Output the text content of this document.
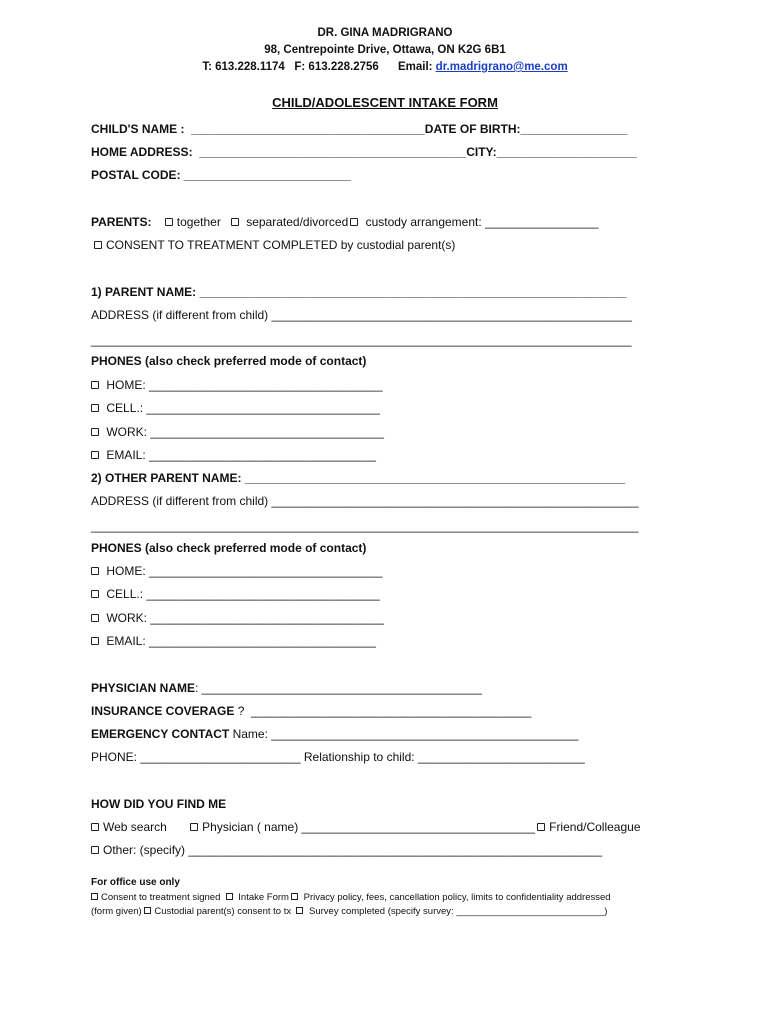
DR. GINA MADRIGRANO
98, Centrepointe Drive, Ottawa, ON K2G 6B1
T: 613.228.1174   F: 613.228.2756      Email: dr.madrigrano@me.com
CHILD/ADOLESCENT INTAKE FORM
CHILD'S NAME :  ___________________________________DATE OF BIRTH:________________
HOME ADDRESS:  ________________________________________CITY:_____________________
POSTAL CODE: _________________________
PARENTS: together separated/divorced custody arrangement: _________________
CONSENT TO TREATMENT COMPLETED by custodial parent(s)
1) PARENT NAME: ________________________________________________________________
ADDRESS (if different from child) ______________________________________________________
_________________________________________________________________________________
PHONES (also check preferred mode of contact)
HOME: ___________________________________
CELL.: ___________________________________
WORK: ___________________________________
EMAIL: __________________________________
2) OTHER PARENT NAME: _________________________________________________________
ADDRESS (if different from child) _______________________________________________________
__________________________________________________________________________________
PHONES (also check preferred mode of contact)
HOME: ___________________________________
CELL.: ___________________________________
WORK: ___________________________________
EMAIL: __________________________________
PHYSICIAN NAME: __________________________________________
INSURANCE COVERAGE ?  __________________________________________
EMERGENCY CONTACT Name: ______________________________________________
PHONE: ________________________ Relationship to child: _________________________
HOW DID YOU FIND ME
Web search	Physician ( name) ___________________________________ Friend/Colleague
Other: (specify) ______________________________________________________________
For office use only
Consent to treatment signed Intake Form Privacy policy, fees, cancellation policy, limits to confidentiality addressed
(form given) Custodial parent(s) consent to tx Survey completed (specify survey: ____________________________)
